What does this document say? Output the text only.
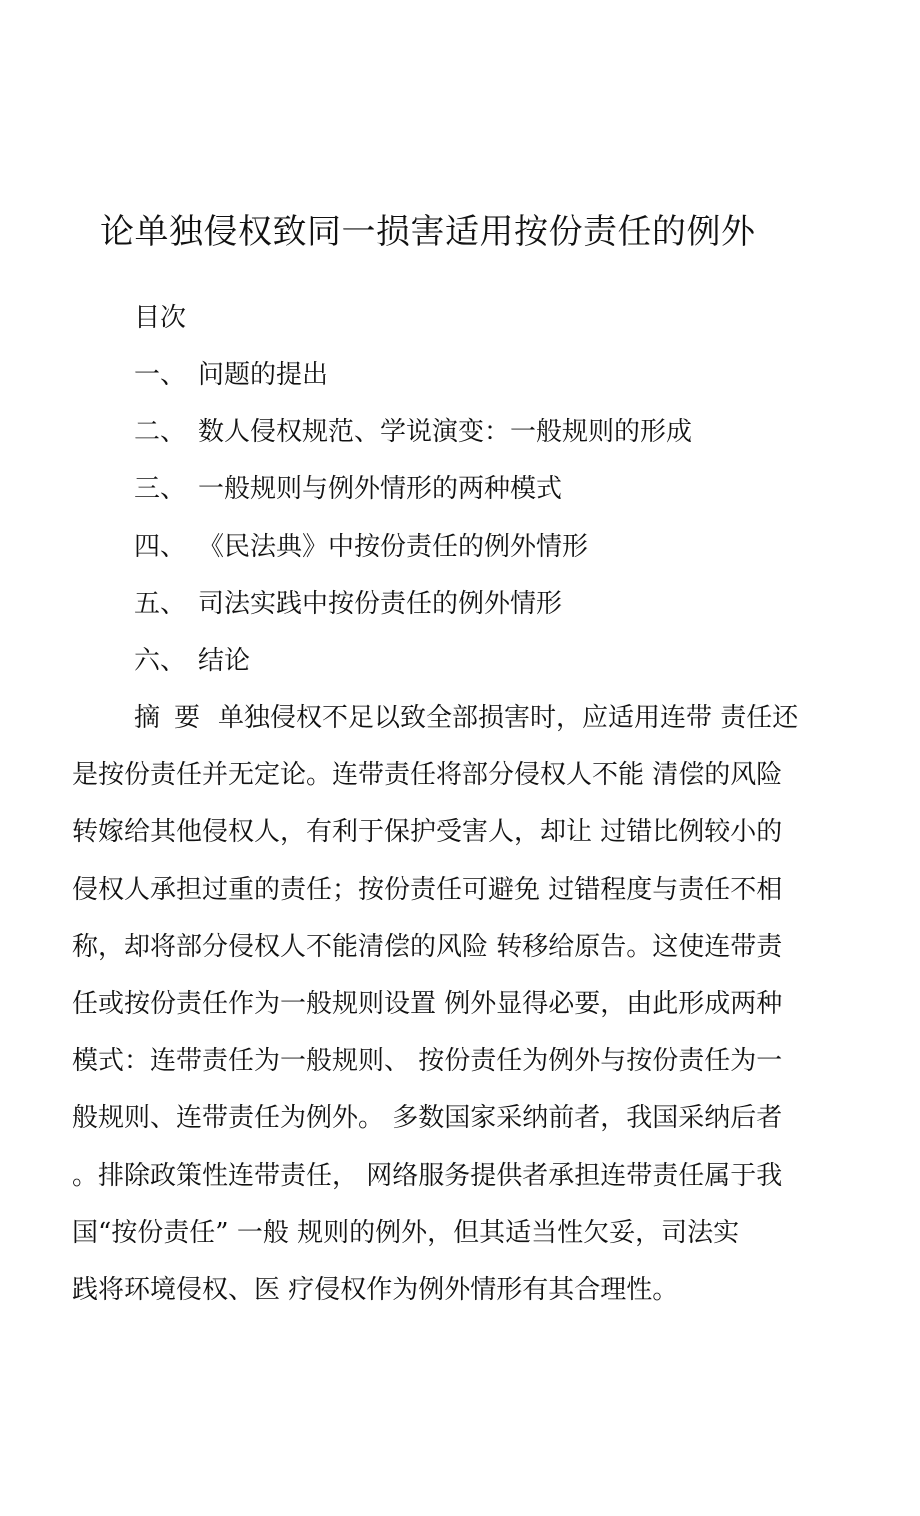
论单独侵权致同一损害适用按份责任的例外
目次
一、 问题的提出
二、 数人侵权规范、学说演变：一般规则的形成
三、 一般规则与例外情形的两种模式
四、 《民法典》中按份责任的例外情形
五、 司法实践中按份责任的例外情形
六、 结论
摘要 单独侵权不足以致全部损害时，应适用连带 责任还
是按份责任并无定论。连带责任将部分侵权人不能 清偿的风险
转嫁给其他侵权人，有利于保护受害人，却让 过错比例较小的
侵权人承担过重的责任；按份责任可避免 过错程度与责任不相
称，却将部分侵权人不能清偿的风险 转移给原告。这使连带责
任或按份责任作为一般规则设置 例外显得必要，由此形成两种
模式：连带责任为一般规则、 按份责任为例外与按份责任为一
般规则、连带责任为例外。 多数国家采纳前者，我国采纳后者
。排除政策性连带责任， 网络服务提供者承担连带责任属于我
国“按份责任” 一般 规则的例外，但其适当性欠妥，司法实
践将环境侵权、医 疗侵权作为例外情形有其合理性。
